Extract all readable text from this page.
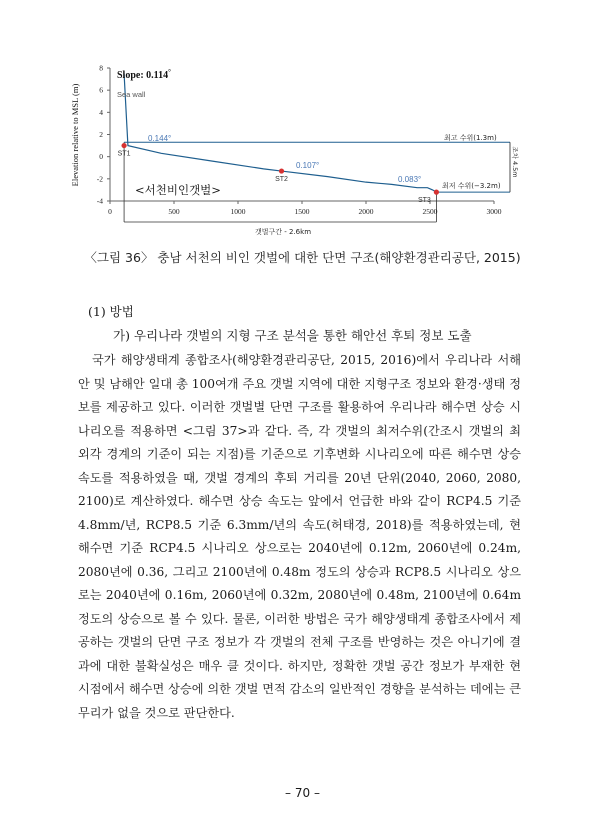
0	500	1000	1500	2000	2500	3000
-4
-2
0
2
4
6
8
ST1
ST2
ST3
Slope: 0.114°
Sea wall
<서천비인갯벌>
0.144°
0.107°
0.083°
최고 수위(1.3m)
최저 수위(−3.2m)
조차 4.5m
Elevation relative to MSL (m)
갯벌구간 - 2.6km
〈그림 36〉 충남 서천의 비인 갯벌에 대한 단면 구조(해양환경관리공단, 2015)
(1) 방법
가) 우리나라 갯벌의 지형 구조 분석을 통한 해안선 후퇴 정보 도출

국가 해양생태계 종합조사(해양환경관리공단, 2015, 2016)에서 우리나라 서해안 및 남해안 일대 총 100여개 주요 갯벌 지역에 대한 지형구조 정보와 환경·생태 정보를 제공하고 있다. 이러한 갯벌별 단면 구조를 활용하여 우리나라 해수면 상승 시나리오를 적용하면 <그림 37>과 같다. 즉, 각 갯벌의 최저수위(간조시 갯벌의 최 외각 경계의 기준이 되는 지점)를 기준으로 기후변화 시나리오에 따른 해수면 상승속도를 적용하였을 때, 갯벌 경계의 후퇴 거리를 20년 단위(2040, 2060, 2080, 2100)로 계산하였다. 해수면 상승 속도는 앞에서 언급한 바와 같이 RCP4.5 기준 4.8mm/년, RCP8.5 기준 6.3mm/년의 속도(허태경, 2018)를 적용하였는데, 현 해수면 기준 RCP4.5 시나리오 상으로는 2040년에 0.12m, 2060년에 0.24m, 2080년에 0.36, 그리고 2100년에 0.48m 정도의 상승과 RCP8.5 시나리오 상으로는 2040년에 0.16m, 2060년에 0.32m, 2080년에 0.48m, 2100년에 0.64m 정도의 상승으로 볼 수 있다. 물론, 이러한 방법은 국가 해양생태계 종합조사에서 제공하는 갯벌의 단면 구조 정보가 각 갯벌의 전체 구조를 반영하는 것은 아니기에 결과에 대한 불확실성은 매우 클 것이다. 하지만, 정확한 갯벌 공간 정보가 부재한 현 시점에서 해수면 상승에 의한 갯벌 면적 감소의 일반적인 경향을 분석하는 데에는 큰 무리가 없을 것으로 판단한다.

– 70 –
